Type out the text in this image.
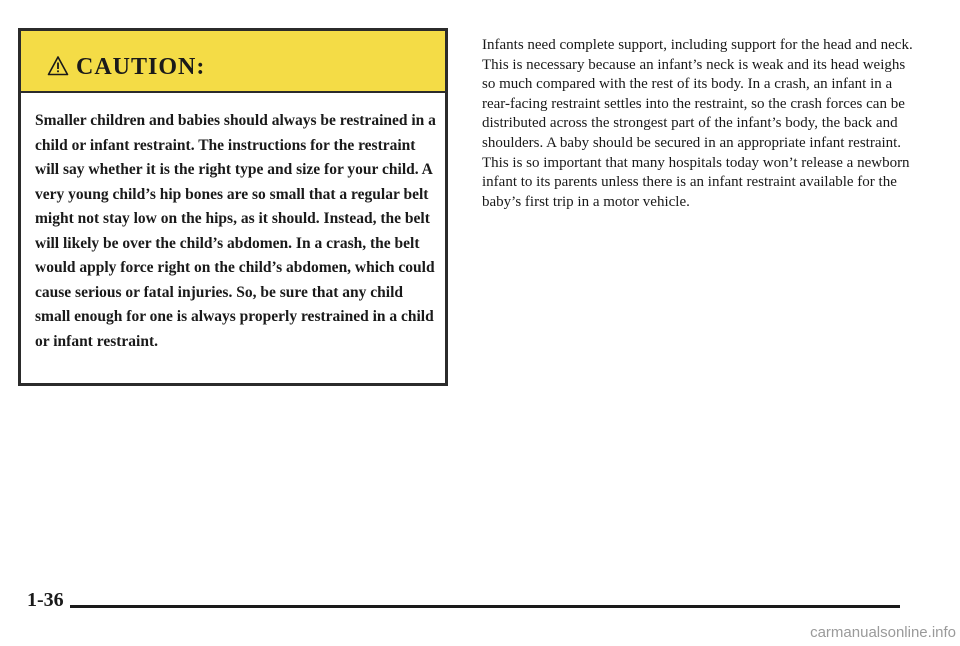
CAUTION:

Smaller children and babies should always be restrained in a child or infant restraint. The instructions for the restraint will say whether it is the right type and size for your child. A very young child’s hip bones are so small that a regular belt might not stay low on the hips, as it should. Instead, the belt will likely be over the child’s abdomen. In a crash, the belt would apply force right on the child’s abdomen, which could cause serious or fatal injuries. So, be sure that any child small enough for one is always properly restrained in a child or infant restraint.

Infants need complete support, including support for the head and neck. This is necessary because an infant’s neck is weak and its head weighs so much compared with the rest of its body. In a crash, an infant in a rear-facing restraint settles into the restraint, so the crash forces can be distributed across the strongest part of the infant’s body, the back and shoulders. A baby should be secured in an appropriate infant restraint. This is so important that many hospitals today won’t release a newborn infant to its parents unless there is an infant restraint available for the baby’s first trip in a motor vehicle.

1-36
carmanualsonline.info
